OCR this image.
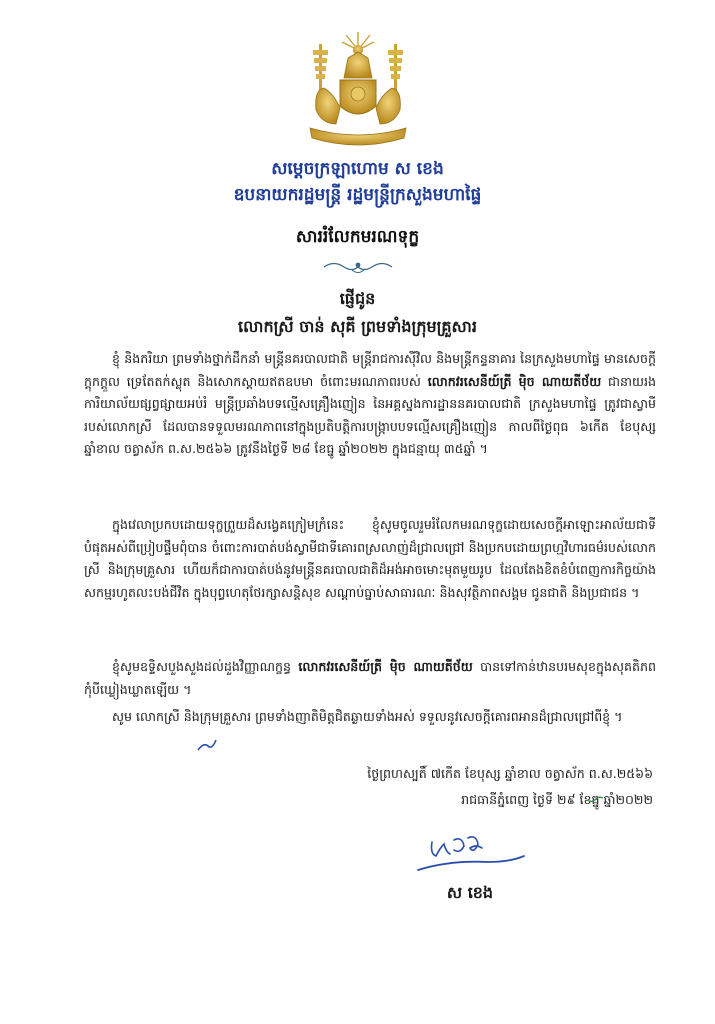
សម្ដេចក្រឡាហោម ស ខេង
ឧបនាយករដ្ឋមន្ត្រី រដ្ឋមន្ត្រីក្រសួងមហាផ្ទៃ
សាររំលែកមរណទុក្ខ
ផ្ញើជូន
លោកស្រី ចាន់ សុគី ព្រមទាំងក្រុមគ្រួសារ
ខ្ញុំ និងភរិយា ព្រមទាំងថ្នាក់ដឹកនាំ មន្ត្រីនគរបាលជាតិ មន្ត្រីរាជការស៊ីវិល និងមន្ត្រីកន្ទនាគារ នៃក្រសួងមហាផ្ទៃ មានសេចក្ដីក្តុកក្ដួល ទ្រេតែតក់ស្លុត និងសោកស្ដាយឥតឧបមា ចំពោះមរណភាពរបស់ លោកវរសេនីយ៍ត្រី ម៉ិច ណាយតីថ័យ ជានាយរងការិយាល័យផ្សព្វផ្សាយអប់រំ មន្ត្រីប្រឆាំងបទល្មើសគ្រឿងញៀន នៃអគ្គស្នងការដ្ឋាននគរបាលជាតិ ក្រសួងមហាផ្ទៃ ត្រូវជាស្វាមីរបស់លោកស្រី ដែលបានទទួលមរណភាពនៅក្នុងប្រតិបត្តិការបង្ក្រាបបទល្មើសគ្រឿងញៀន កាលពីថ្ងៃពុធ ៦កើត ខែបុស្ស ឆ្នាំខាល ចត្វាស័ក ព.ស.២៥៦៦ ត្រូវនឹងថ្ងៃទី ២៨ ខែធ្នូ ឆ្នាំ២០២២ ក្នុងជន្មាយុ ៣៥ឆ្នាំ ។
ក្នុងវេលាប្រកបដោយទុក្ខព្រួយដ៏សង្វេគក្រៀមក្រំនេះ ខ្ញុំសូមចូលរួមរំលែកមរណទុក្ខដោយសេចក្ដីអាឡោះអាល័យជាទីបំផុតអស់ពីប្រៀបផ្ទឹមពុំបាន ចំពោះការបាត់បង់ស្វាមីជាទីគោរពស្រលាញ់ដ៏ជ្រាលជ្រៅ និងប្រកបដោយព្រហ្មវិហារធម៌របស់លោកស្រី និងក្រុមគ្រួសារ ហើយក៏ជាការបាត់បង់នូវមន្ត្រីនគរបាលជាតិដ៏អង់អាចមោះមុតមួយរូប ដែលតែងខិតខំបំពេញការកិច្ចយ៉ាងសកម្មរហូតលះបង់ជីវិត ក្នុងបុព្វហេតុថែរក្សាសន្តិសុខ សណ្ដាប់ធ្នាប់សាធារណៈ និងសុវត្ថិភាពសង្គម ជូនជាតិ និងប្រជាជន ។
ខ្ញុំសូមឧទ្ទិសបួងសួងដល់ដួងវិញ្ញាណក្ខន្ធ លោកវរសេនីយ៍ត្រី ម៉ិច ណាយតីថ័យ បានទៅកាន់ឋានបរមសុខក្នុងសុគតិភពកុំបីឃ្លៀងឃ្លាតឡើយ ។
សូម លោកស្រី និងក្រុមគ្រួសារ ព្រមទាំងញាតិមិត្តជិតឆ្ងាយទាំងអស់ ទទួលនូវសេចក្ដីគោរពអានដ៏ជ្រាលជ្រៅពីខ្ញុំ ។
ថ្ងៃព្រហស្បតិ៍ ៧កើត ខែបុស្ស ឆ្នាំខាល ចត្វាស័ក ព.ស.២៥៦៦
រាជធានីភ្នំពេញ ថ្ងៃទី ២៩ ខែធ្នូ ឆ្នាំ២០២២
ស ខេង
